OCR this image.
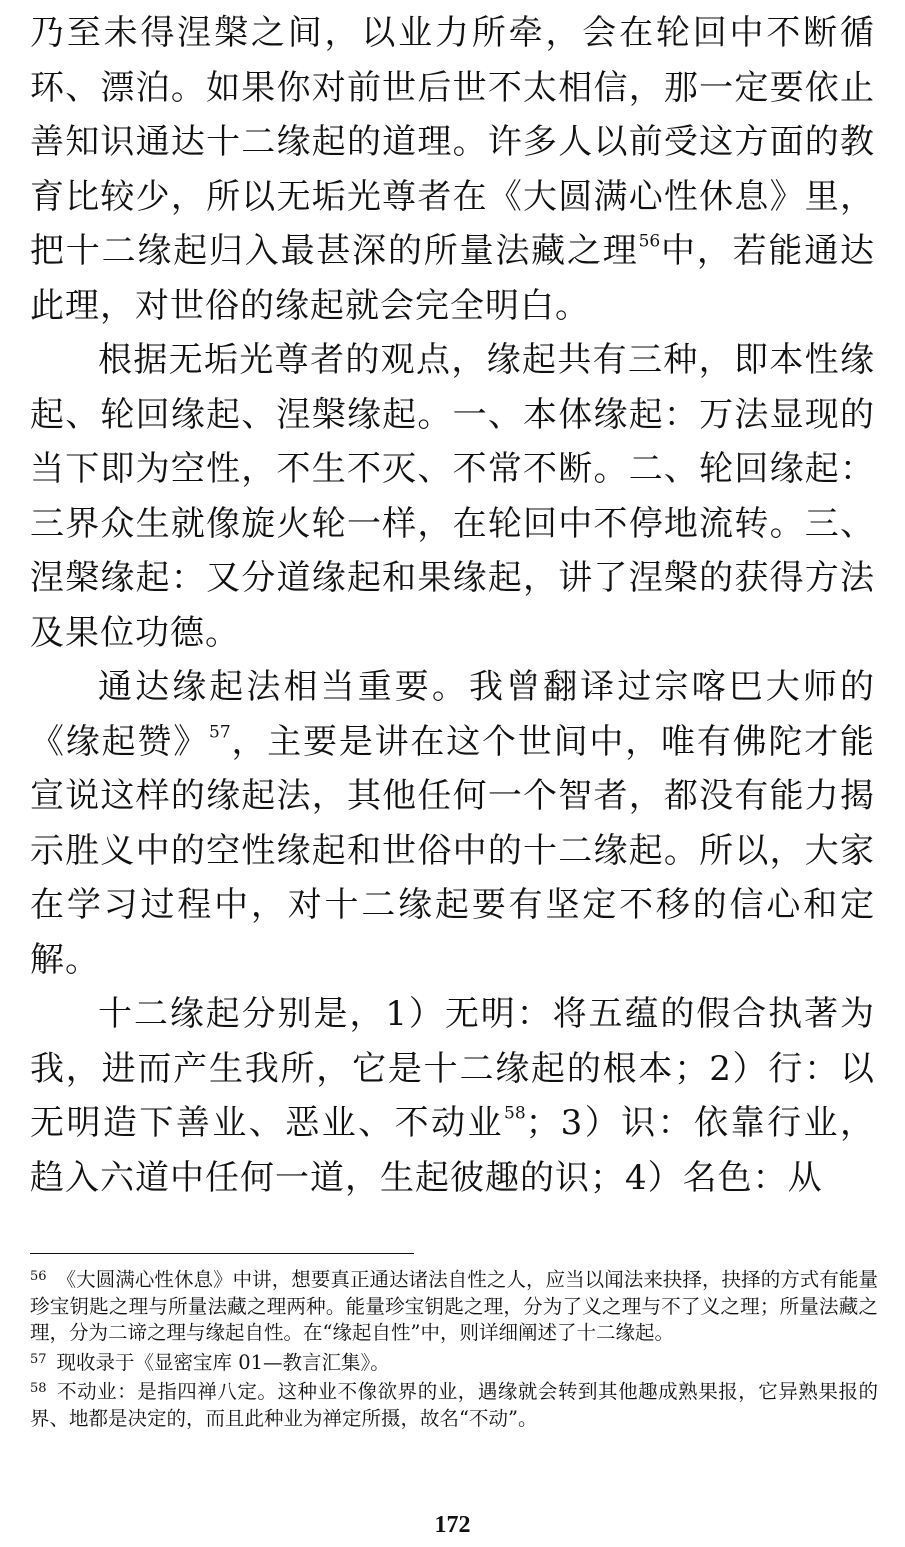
乃至未得涅槃之间，以业力所牵，会在轮回中不断循环、漂泊。如果你对前世后世不太相信，那一定要依止善知识通达十二缘起的道理。许多人以前受这方面的教育比较少，所以无垢光尊者在《大圆满心性休息》里，把十二缘起归入最甚深的所量法藏之理$^{56}$中，若能通达此理，对世俗的缘起就会完全明白。

根据无垢光尊者的观点，缘起共有三种，即本性缘起、轮回缘起、涅槃缘起。一、本体缘起：万法显现的当下即为空性，不生不灭、不常不断。二、轮回缘起：三界众生就像旋火轮一样，在轮回中不停地流转。三、涅槃缘起：又分道缘起和果缘起，讲了涅槃的获得方法及果位功德。

通达缘起法相当重要。我曾翻译过宗喀巴大师的《缘起赞》$^{57}$，主要是讲在这个世间中，唯有佛陀才能宣说这样的缘起法，其他任何一个智者，都没有能力揭示胜义中的空性缘起和世俗中的十二缘起。所以，大家在学习过程中，对十二缘起要有坚定不移的信心和定解。

十二缘起分别是，1）无明：将五蕴的假合执著为我，进而产生我所，它是十二缘起的根本；2）行：以无明造下善业、恶业、不动业$^{58}$；3）识：依靠行业，趋入六道中任何一道，生起彼趣的识；4）名色：从

$^{56}$ 《大圆满心性休息》中讲，想要真正通达诸法自性之人，应当以闻法来抉择，抉择的方式有能量珍宝钥匙之理与所量法藏之理两种。能量珍宝钥匙之理，分为了义之理与不了义之理；所量法藏之理，分为二谛之理与缘起自性。在“缘起自性”中，则详细阐述了十二缘起。

$^{57}$ 现收录于《显密宝库 01—教言汇集》。

$^{58}$ 不动业：是指四禅八定。这种业不像欲界的业，遇缘就会转到其他趣成熟果报，它异熟果报的界、地都是决定的，而且此种业为禅定所摄，故名“不动”。

172
